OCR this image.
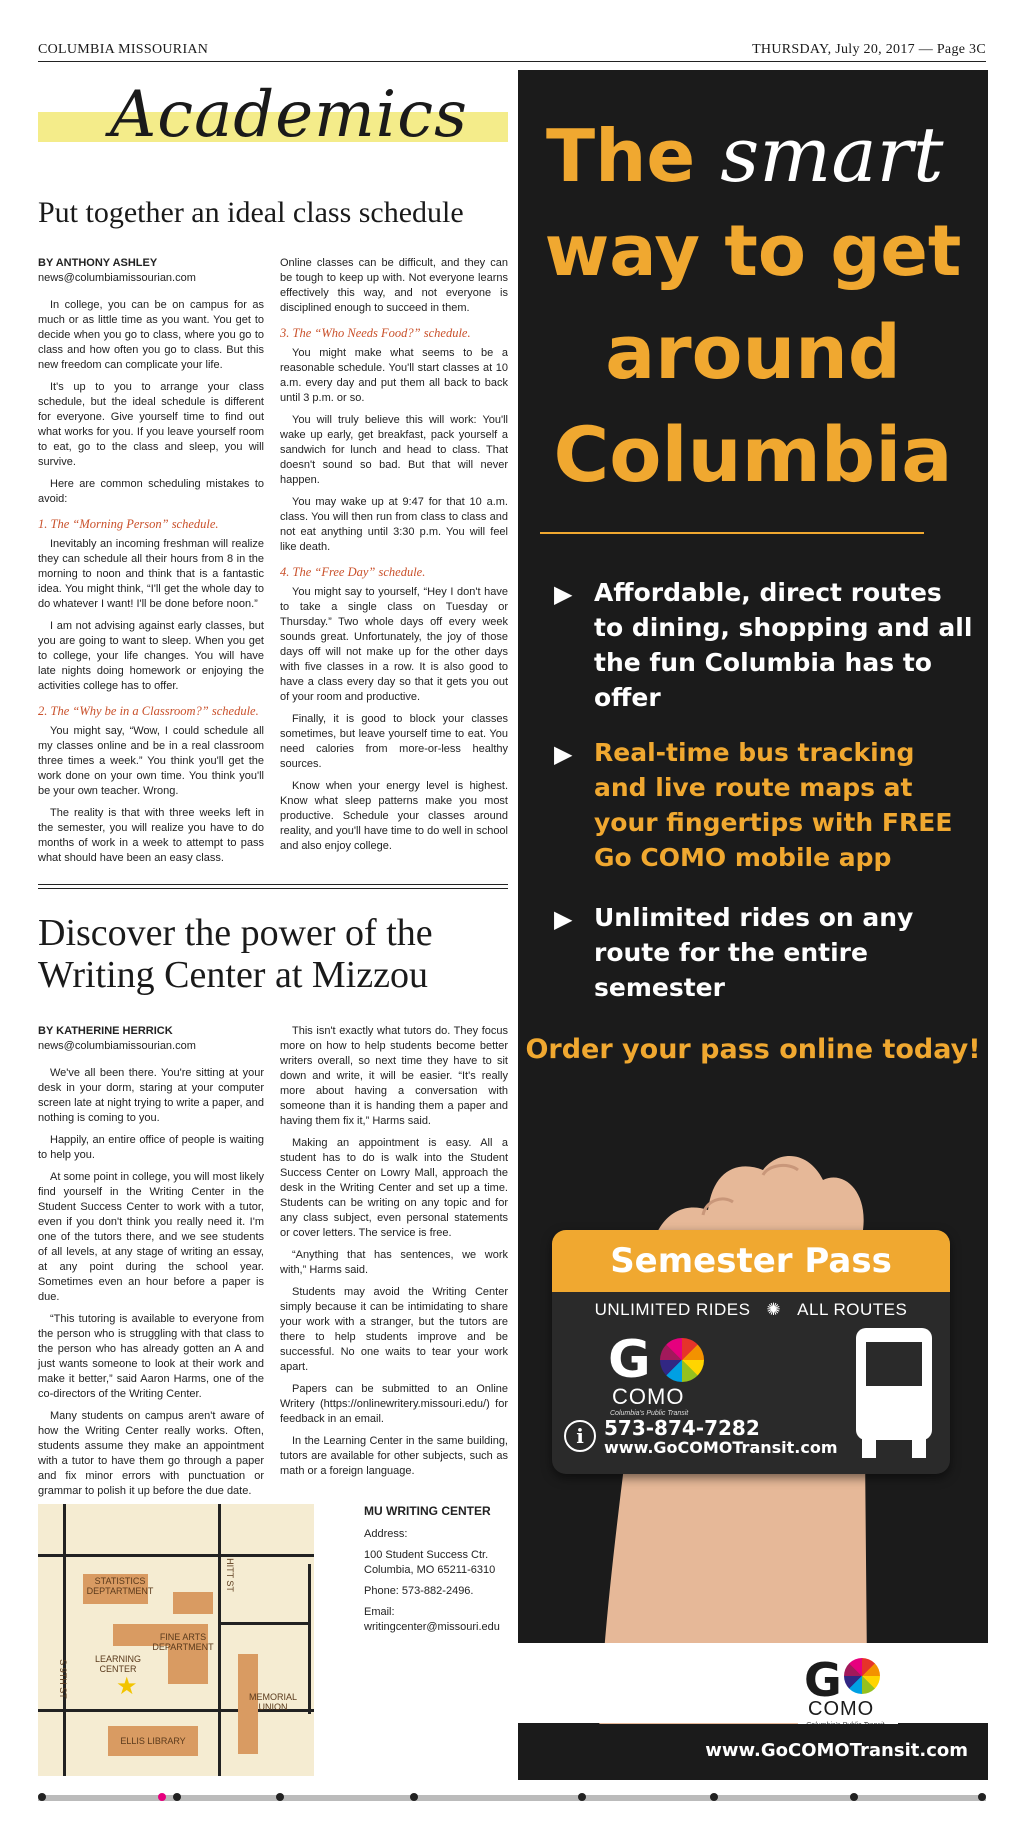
COLUMBIA MISSOURIAN	THURSDAY, July 20, 2017 — Page 3C
Academics
Put together an ideal class schedule

BY ANTHONY ASHLEY

news@columbiamissourian.com

In college, you can be on campus for as much or as little time as you want. You get to decide when you go to class, where you go to class and how often you go to class. But this new freedom can complicate your life.

It's up to you to arrange your class schedule, but the ideal schedule is different for everyone. Give yourself time to find out what works for you. If you leave yourself room to eat, go to the class and sleep, you will survive.

Here are common scheduling mistakes to avoid:

1. The “Morning Person” schedule.

Inevitably an incoming freshman will realize they can schedule all their hours from 8 in the morning to noon and think that is a fantastic idea. You might think, “I'll get the whole day to do whatever I want! I'll be done before noon.”

I am not advising against early classes, but you are going to want to sleep. When you get to college, your life changes. You will have late nights doing homework or enjoying the activities college has to offer.

2. The “Why be in a Classroom?” schedule.

You might say, “Wow, I could schedule all my classes online and be in a real classroom three times a week.” You think you'll get the work done on your own time. You think you'll be your own teacher. Wrong.

The reality is that with three weeks left in the semester, you will realize you have to do months of work in a week to attempt to pass what should have been an easy class.

Online classes can be difficult, and they can be tough to keep up with. Not everyone learns effectively this way, and not everyone is disciplined enough to succeed in them.

3. The “Who Needs Food?” schedule.

You might make what seems to be a reasonable schedule. You'll start classes at 10 a.m. every day and put them all back to back until 3 p.m. or so.

You will truly believe this will work: You'll wake up early, get breakfast, pack yourself a sandwich for lunch and head to class. That doesn't sound so bad. But that will never happen.

You may wake up at 9:47 for that 10 a.m. class. You will then run from class to class and not eat anything until 3:30 p.m. You will feel like death.

4. The “Free Day” schedule.

You might say to yourself, “Hey I don't have to take a single class on Tuesday or Thursday.” Two whole days off every week sounds great. Unfortunately, the joy of those days off will not make up for the other days with five classes in a row. It is also good to have a class every day so that it gets you out of your room and productive.

Finally, it is good to block your classes sometimes, but leave yourself time to eat. You need calories from more-or-less healthy sources.

Know when your energy level is highest. Know what sleep patterns make you most productive. Schedule your classes around reality, and you'll have time to do well in school and also enjoy college.

Discover the power of the Writing Center at Mizzou

BY KATHERINE HERRICK

news@columbiamissourian.com

We've all been there. You're sitting at your desk in your dorm, staring at your computer screen late at night trying to write a paper, and nothing is coming to you.

Happily, an entire office of people is waiting to help you.

At some point in college, you will most likely find yourself in the Writing Center in the Student Success Center to work with a tutor, even if you don't think you really need it. I'm one of the tutors there, and we see students of all levels, at any stage of writing an essay, at any point during the school year. Sometimes even an hour before a paper is due.

“This tutoring is available to everyone from the person who is struggling with that class to the person who has already gotten an A and just wants someone to look at their work and make it better,” said Aaron Harms, one of the co-directors of the Writing Center.

Many students on campus aren't aware of how the Writing Center really works. Often, students assume they make an appointment with a tutor to have them go through a paper and fix minor errors with punctuation or grammar to polish it up before the due date.

This isn't exactly what tutors do. They focus more on how to help students become better writers overall, so next time they have to sit down and write, it will be easier. “It's really more about having a conversation with someone than it is handing them a paper and having them fix it,” Harms said.

Making an appointment is easy. All a student has to do is walk into the Student Success Center on Lowry Mall, approach the desk in the Writing Center and set up a time. Students can be writing on any topic and for any class subject, even personal statements or cover letters. The service is free.

“Anything that has sentences, we work with,” Harms said.

Students may avoid the Writing Center simply because it can be intimidating to share your work with a stranger, but the tutors are there to help students improve and be successful. No one waits to tear your work apart.

Papers can be submitted to an Online Writery (https://onlinewritery.missouri.edu/) for feedback in an email.

In the Learning Center in the same building, tutors are available for other subjects, such as math or a foreign language.

STATISTICS DEPTARTMENT	HITT ST
FINE ARTS DEPARTMENT
LEARNING CENTER
S 9TH ST	MEMORIAL UNION
ELLIS LIBRARY
★
MU WRITING CENTER
Address:
100 Student Success Ctr. Columbia, MO 65211-6310
Phone: 573-882-2496.
Email:
writingcenter@missouri.edu
The smart
way to get
around
Columbia
▶ Affordable, direct routes to dining, shopping and all the fun Columbia has to offer
▶ Real-time bus tracking and live route maps at your fingertips with FREE Go COMO mobile app
▶ Unlimited rides on any route for the entire semester
Order your pass online today!
Semester Pass
UNLIMITED RIDES ✺ ALL ROUTES
G
COMO
Columbia's Public Transit
i	573-874-7282
www.GoCOMOTransit.com
G
COMO
www.GoCOMOTransit.com
